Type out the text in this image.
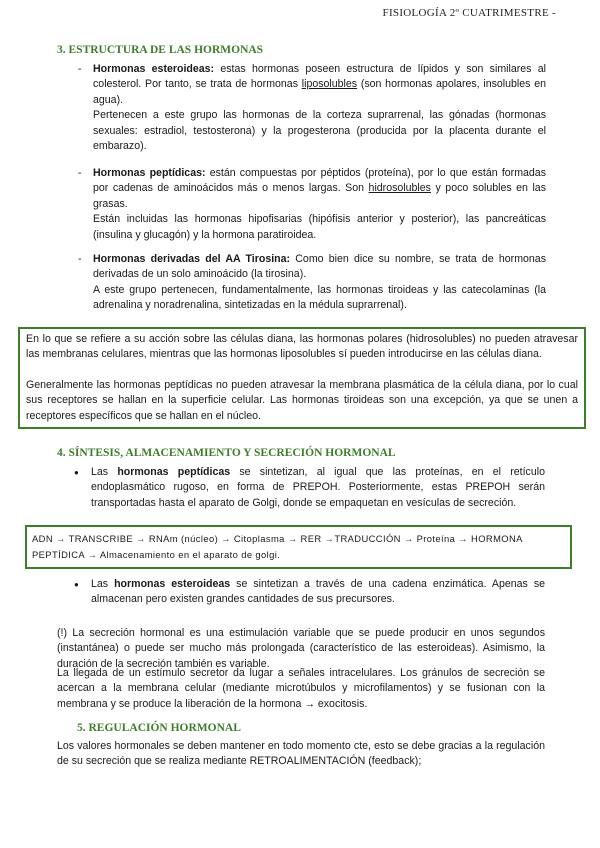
FISIOLOGÍA 2º CUATRIMESTRE -
3. ESTRUCTURA DE LAS HORMONAS

- Hormonas esteroideas: estas hormonas poseen estructura de lípidos y son similares al colesterol. Por tanto, se trata de hormonas liposolubles (son hormonas apolares, insolubles en agua).

Pertenecen a este grupo las hormonas de la corteza suprarrenal, las gónadas (hormonas sexuales: estradiol, testosterona) y la progesterona (producida por la placenta durante el embarazo).

- Hormonas peptídicas: están compuestas por péptidos (proteína), por lo que están formadas por cadenas de aminoácidos más o menos largas. Son hidrosolubles y poco solubles en las grasas.

Están incluidas las hormonas hipofisarias (hipófisis anterior y posterior), las pancreáticas (insulina y glucagón) y la hormona paratiroidea.

- Hormonas derivadas del AA Tirosina: Como bien dice su nombre, se trata de hormonas derivadas de un solo aminoácido (la tirosina).

A este grupo pertenecen, fundamentalmente, las hormonas tiroideas y las catecolaminas (la adrenalina y noradrenalina, sintetizadas en la médula suprarrenal).

En lo que se refiere a su acción sobre las células diana, las hormonas polares (hidrosolubles) no pueden atravesar las membranas celulares, mientras que las hormonas liposolubles sí pueden introducirse en las células diana.

Generalmente las hormonas peptídicas no pueden atravesar la membrana plasmática de la célula diana, por lo cual sus receptores se hallan en la superficie celular. Las hormonas tiroideas son una excepción, ya que se unen a receptores específicos que se hallan en el núcleo.

4. SÍNTESIS, ALMACENAMIENTO Y SECRECIÓN HORMONAL
● Las hormonas peptídicas se sintetizan, al igual que las proteínas, en el retículo endoplasmático rugoso, en forma de PREPOH. Posteriormente, estas PREPOH serán transportadas hasta el aparato de Golgi, donde se empaquetan en vesículas de secreción.
ADN → TRANSCRIBE → RNAm (núcleo) → Citoplasma → RER →TRADUCCIÓN → Proteína → HORMONA PEPTÍDICA → Almacenamiento en el aparato de golgi.
● Las hormonas esteroideas se sintetizan a través de una cadena enzimática. Apenas se almacenan pero existen grandes cantidades de sus precursores.
(!) La secreción hormonal es una estimulación variable que se puede producir en unos segundos (instantánea) o puede ser mucho más prolongada (característico de las esteroideas). Asimismo, la duración de la secreción también es variable.
La llegada de un estímulo secretor da lugar a señales intracelulares. Los gránulos de secreción se acercan a la membrana celular (mediante microtúbulos y microfilamentos) y se fusionan con la membrana y se produce la liberación de la hormona → exocitosis.
5. REGULACIÓN HORMONAL
Los valores hormonales se deben mantener en todo momento cte, esto se debe gracias a la regulación de su secreción que se realiza mediante RETROALIMENTACIÓN (feedback);
